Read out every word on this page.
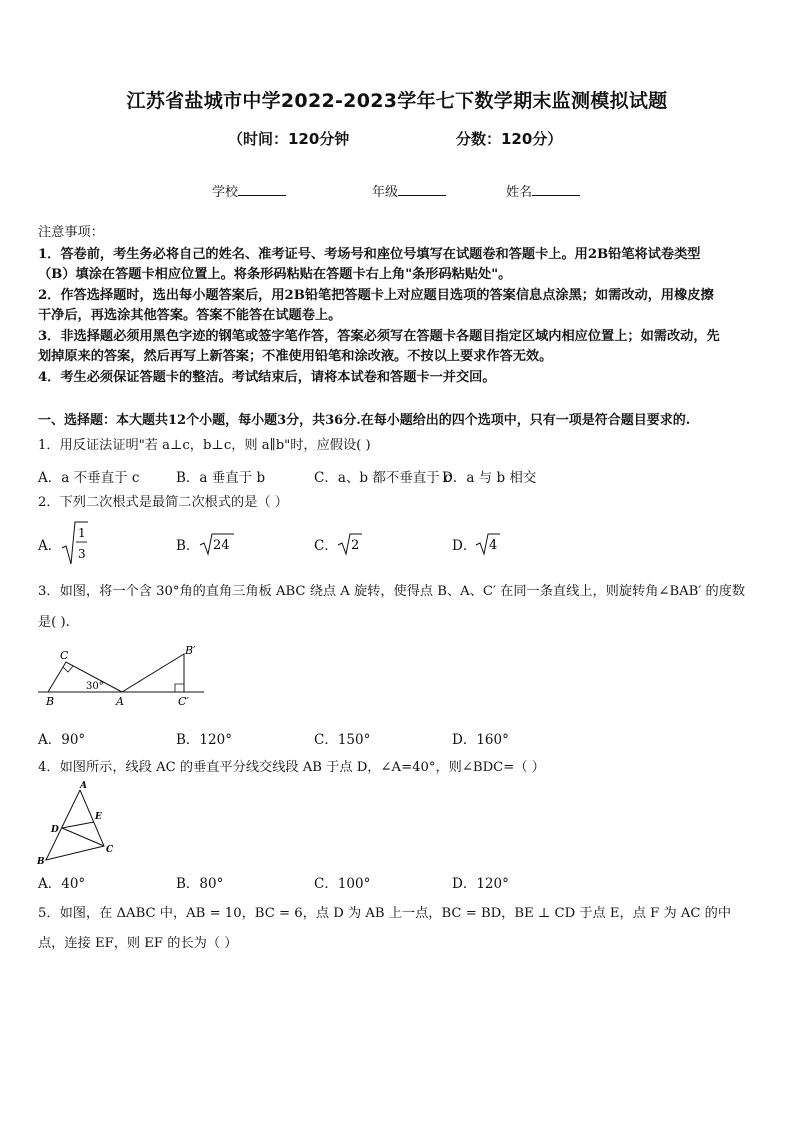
江苏省盐城市中学2022-2023学年七下数学期末监测模拟试题
（时间：120分钟	分数：120分）
学校	年级	姓名
注意事项：
1．答卷前，考生务必将自己的姓名、准考证号、考场号和座位号填写在试题卷和答题卡上。用2B铅笔将试卷类型
（B）填涂在答题卡相应位置上。将条形码粘贴在答题卡右上角"条形码粘贴处"。
2．作答选择题时，选出每小题答案后，用2B铅笔把答题卡上对应题目选项的答案信息点涂黑；如需改动，用橡皮擦
干净后，再选涂其他答案。答案不能答在试题卷上。
3．非选择题必须用黑色字迹的钢笔或签字笔作答，答案必须写在答题卡各题目指定区域内相应位置上；如需改动，先
划掉原来的答案，然后再写上新答案；不准使用铅笔和涂改液。不按以上要求作答无效。
4．考生必须保证答题卡的整洁。考试结束后，请将本试卷和答题卡一并交回。
一、选择题：本大题共12个小题，每小题3分，共36分.在每小题给出的四个选项中，只有一项是符合题目要求的.
1．用反证法证明"若 a⊥c，b⊥c，则 a∥b"时，应假设( )
A．a 不垂直于 c	B．a 垂直于 b	C．a、b 都不垂直于 c
D．a 与 b 相交
2．下列二次根式是最简二次根式的是（ ）
A．
1
3	B． 24	C． 2	D． 4
3．如图，将一个含 30°角的直角三角板 ABC 绕点 A 旋转，使得点 B、A、C′ 在同一条直线上，则旋转角∠BAB′ 的度数
是( ).
C
B	A	C′
B′
30°
A．90°	B．120°	C．150°	D．160°
4．如图所示，线段 AC 的垂直平分线交线段 AB 于点 D，∠A=40°，则∠BDC=（ ）
A
D
E
B
C
A．40°	B．80°	C．100°	D．120°
5．如图，在 ΔABC 中，AB = 10，BC = 6，点 D 为 AB 上一点，BC = BD，BE ⊥ CD 于点 E，点 F 为 AC 的中
点，连接 EF，则 EF 的长为（ ）
